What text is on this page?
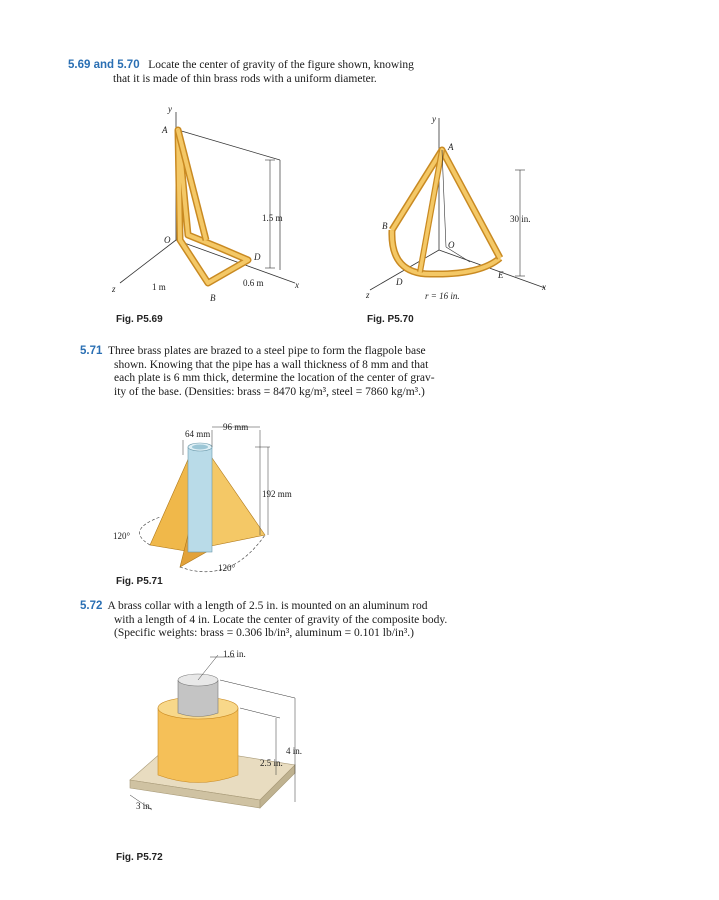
5.69 and 5.70 Locate the center of gravity of the figure shown, knowing
that it is made of thin brass rods with a uniform diameter.
y
A
O
z	1 m
B
D
1.5 m
0.6 m	x
Fig. P5.69
y
A
B
O
D
E
z
x
30 in.
r = 16 in.
Fig. P5.70
5.71 Three brass plates are brazed to a steel pipe to form the flagpole base
shown. Knowing that the pipe has a wall thickness of 8 mm and that
each plate is 6 mm thick, determine the location of the center of grav-
ity of the base. (Densities: brass = 8470 kg/m³, steel = 7860 kg/m³.)
64 mm
96 mm
192 mm
120°
120°
Fig. P5.71
5.72 A brass collar with a length of 2.5 in. is mounted on an aluminum rod
with a length of 4 in. Locate the center of gravity of the composite body.
(Specific weights: brass = 0.306 lb/in³, aluminum = 0.101 lb/in³.)
1.6 in.
4 in.
2.5 in.
3 in.
Fig. P5.72
